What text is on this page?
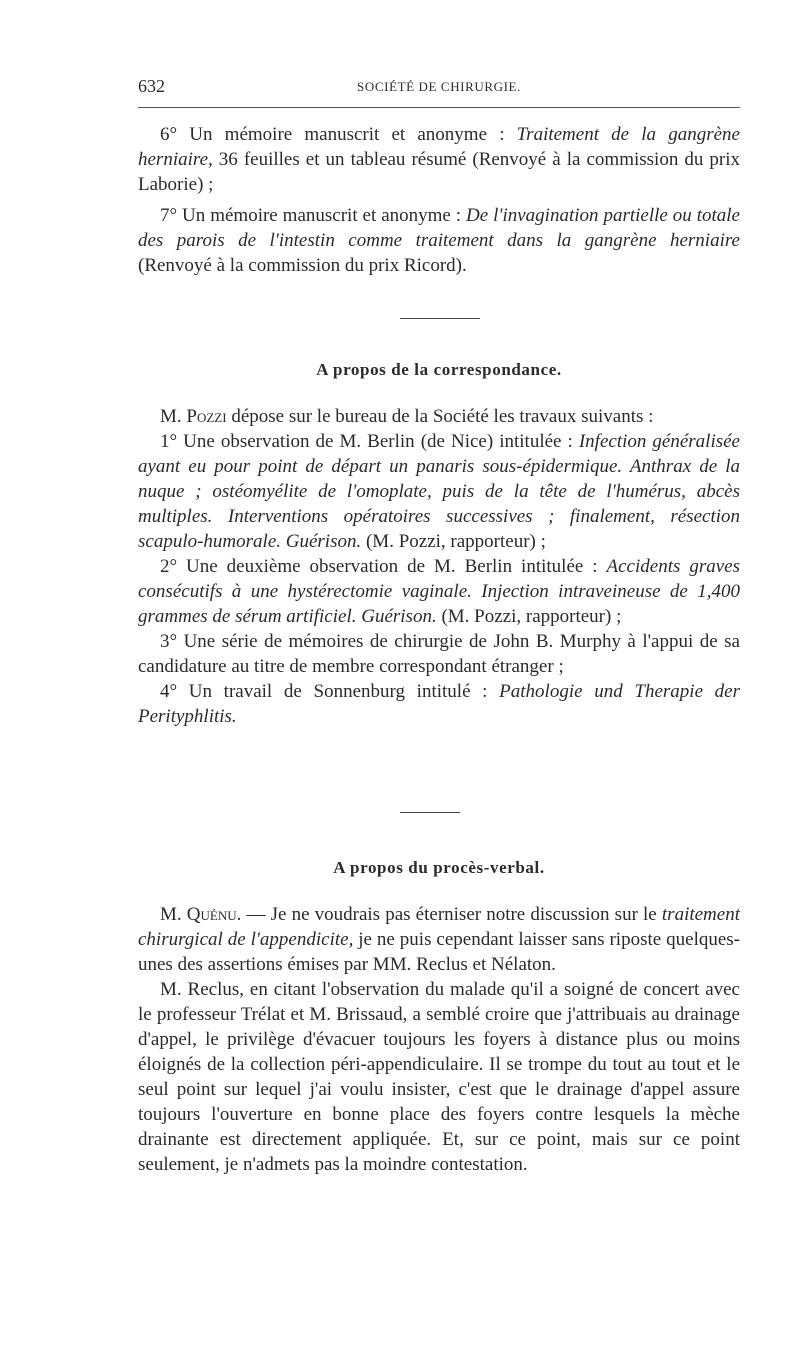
632	SOCIÉTÉ DE CHIRURGIE.

6° Un mémoire manuscrit et anonyme : Traitement de la gangrène herniaire, 36 feuilles et un tableau résumé (Renvoyé à la commission du prix Laborie) ;

7° Un mémoire manuscrit et anonyme : De l'invagination partielle ou totale des parois de l'intestin comme traitement dans la gangrène herniaire (Renvoyé à la commission du prix Ricord).

A propos de la correspondance.

M. Pozzi dépose sur le bureau de la Société les travaux suivants :

1° Une observation de M. Berlin (de Nice) intitulée : Infection généralisée ayant eu pour point de départ un panaris sous-épidermique. Anthrax de la nuque ; ostéomyélite de l'omoplate, puis de la tête de l'humérus, abcès multiples. Interventions opératoires successives ; finalement, résection scapulo-humorale. Guérison. (M. Pozzi, rapporteur) ;

2° Une deuxième observation de M. Berlin intitulée : Accidents graves consécutifs à une hystérectomie vaginale. Injection intraveineuse de 1,400 grammes de sérum artificiel. Guérison. (M. Pozzi, rapporteur) ;

3° Une série de mémoires de chirurgie de John B. Murphy à l'appui de sa candidature au titre de membre correspondant étranger ;

4° Un travail de Sonnenburg intitulé : Pathologie und Therapie der Perityphlitis.

A propos du procès-verbal.

M. Quénu. — Je ne voudrais pas éterniser notre discussion sur le traitement chirurgical de l'appendicite, je ne puis cependant laisser sans riposte quelques-unes des assertions émises par MM. Reclus et Nélaton.

M. Reclus, en citant l'observation du malade qu'il a soigné de concert avec le professeur Trélat et M. Brissaud, a semblé croire que j'attribuais au drainage d'appel, le privilège d'évacuer toujours les foyers à distance plus ou moins éloignés de la collection péri-appendiculaire. Il se trompe du tout au tout et le seul point sur lequel j'ai voulu insister, c'est que le drainage d'appel assure toujours l'ouverture en bonne place des foyers contre lesquels la mèche drainante est directement appliquée. Et, sur ce point, mais sur ce point seulement, je n'admets pas la moindre contestation.
